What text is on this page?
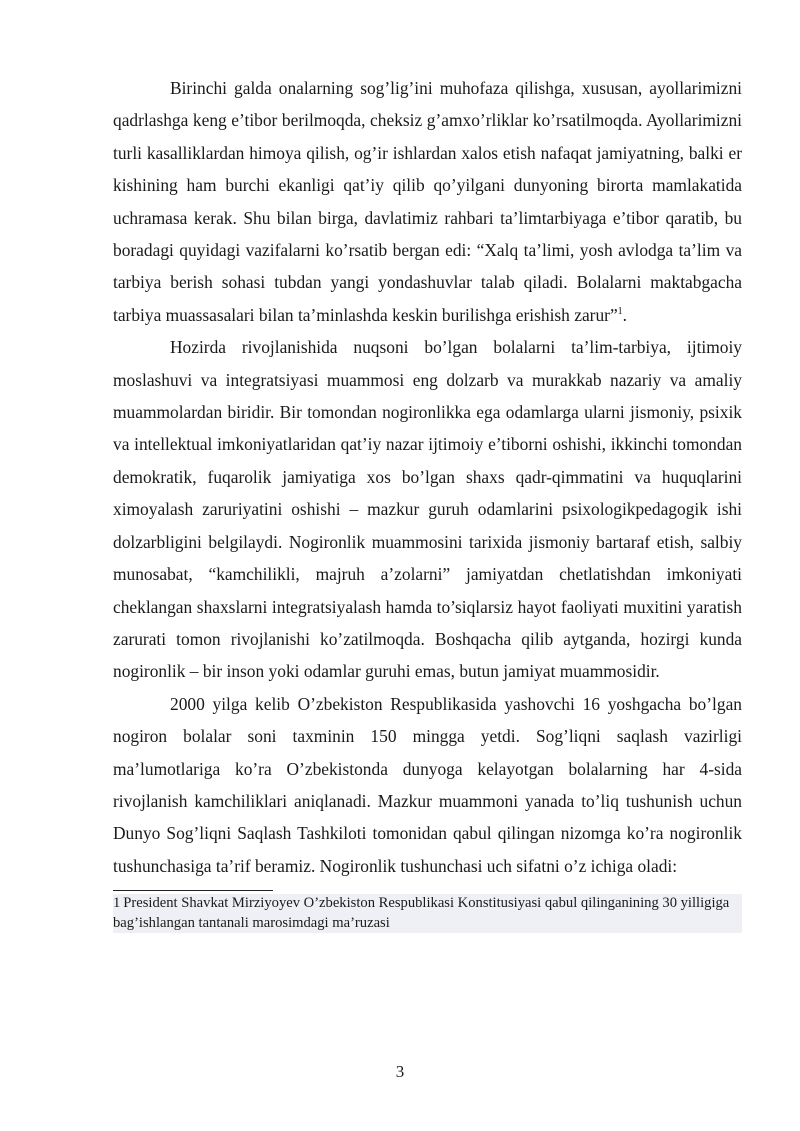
Birinchi galda onalarning sog’lig’ini muhofaza qilishga, xususan, ayollarimizni qadrlashga keng e’tibor berilmoqda, cheksiz g’amxo’rliklar ko’rsatilmoqda. Ayollarimizni turli kasalliklardan himoya qilish, og’ir ishlardan xalos etish nafaqat jamiyatning, balki er kishining ham burchi ekanligi qat’iy qilib qo’yilgani dunyoning birorta mamlakatida uchramasa kerak. Shu bilan birga, davlatimiz rahbari ta’limtarbiyaga e’tibor qaratib, bu boradagi quyidagi vazifalarni ko’rsatib bergan edi: “Xalq ta’limi, yosh avlodga ta’lim va tarbiya berish sohasi tubdan yangi yondashuvlar talab qiladi. Bolalarni maktabgacha tarbiya muassasalari bilan ta’minlashda keskin burilishga erishish zarur”$^1$.

Hozirda rivojlanishida nuqsoni bo’lgan bolalarni ta’lim-tarbiya, ijtimoiy moslashuvi va integratsiyasi muammosi eng dolzarb va murakkab nazariy va amaliy muammolardan biridir. Bir tomondan nogironlikka ega odamlarga ularni jismoniy, psixik va intellektual imkoniyatlaridan qat’iy nazar ijtimoiy e’tiborni oshishi, ikkinchi tomondan demokratik, fuqarolik jamiyatiga xos bo’lgan shaxs qadr-qimmatini va huquqlarini ximoyalash zaruriyatini oshishi – mazkur guruh odamlarini psixologikpedagogik ishi dolzarbligini belgilaydi. Nogironlik muammosini tarixida jismoniy bartaraf etish, salbiy munosabat, “kamchilikli, majruh a’zolarni” jamiyatdan chetlatishdan imkoniyati cheklangan shaxslarni integratsiyalash hamda to’siqlarsiz hayot faoliyati muxitini yaratish zarurati tomon rivojlanishi ko’zatilmoqda. Boshqacha qilib aytganda, hozirgi kunda nogironlik – bir inson yoki odamlar guruhi emas, butun jamiyat muammosidir.

2000 yilga kelib O’zbekiston Respublikasida yashovchi 16 yoshgacha bo’lgan nogiron bolalar soni taxminin 150 mingga yetdi. Sog’liqni saqlash vazirligi ma’lumotlariga ko’ra O’zbekistonda dunyoga kelayotgan bolalarning har 4-sida rivojlanish kamchiliklari aniqlanadi. Mazkur muammoni yanada to’liq tushunish uchun Dunyo Sog’liqni Saqlash Tashkiloti tomonidan qabul qilingan nizomga ko’ra nogironlik tushunchasiga ta’rif beramiz. Nogironlik tushunchasi uch sifatni o’z ichiga oladi:

1 President Shavkat Mirziyoyev O’zbekiston Respublikasi Konstitusiyasi qabul qilinganining 30 yilligiga bag’ishlangan tantanali marosimdagi ma’ruzasi

3
